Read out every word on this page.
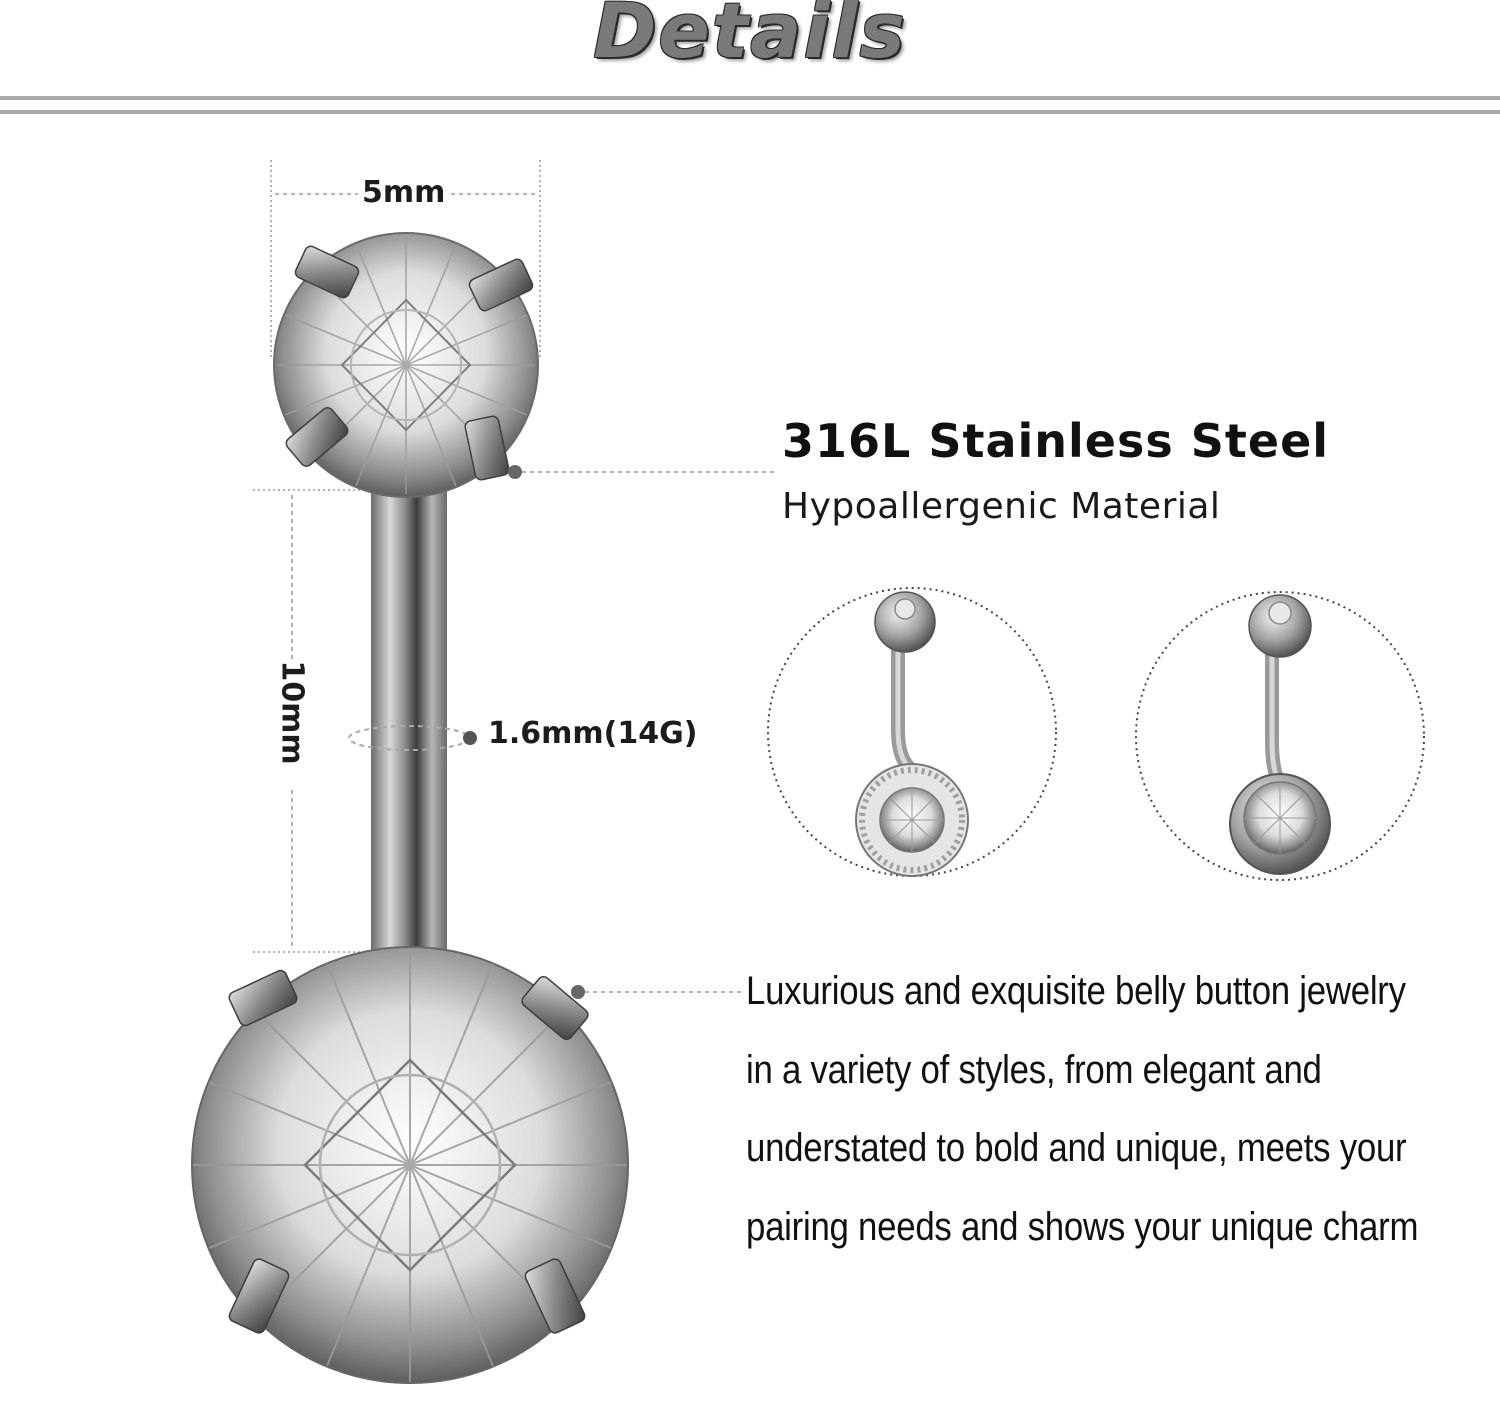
Details
5mm
10mm	1.6mm(14G)
316L Stainless Steel
Hypoallergenic Material
Luxurious and exquisite belly button jewelry
in a variety of styles, from elegant and
understated to bold and unique, meets your
pairing needs and shows your unique charm
